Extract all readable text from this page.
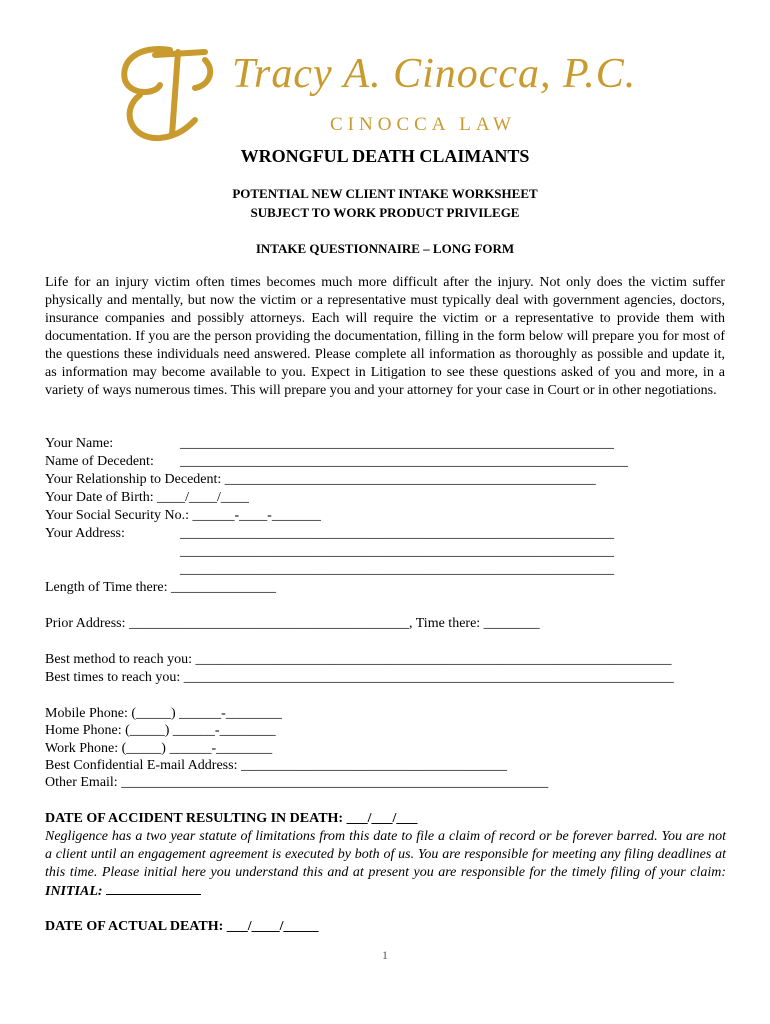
Tracy A. Cinocca, P.C.
CINOCCA LAW
WRONGFUL DEATH CLAIMANTS
POTENTIAL NEW CLIENT INTAKE WORKSHEET
SUBJECT TO WORK PRODUCT PRIVILEGE
INTAKE QUESTIONNAIRE – LONG FORM
Life for an injury victim often times becomes much more difficult after the injury. Not only does the victim suffer physically and mentally, but now the victim or a representative must typically deal with government agencies, doctors, insurance companies and possibly attorneys. Each will require the victim or a representative to provide them with documentation. If you are the person providing the documentation, filling in the form below will prepare you for most of the questions these individuals need answered. Please complete all information as thoroughly as possible and update it, as information may become available to you. Expect in Litigation to see these questions asked of you and more, in a variety of ways numerous times. This will prepare you and your attorney for your case in Court or in other negotiations.
Your Name:	______________________________________________________________
Name of Decedent: ________________________________________________________________
Your Relationship to Decedent: _____________________________________________________
Your Date of Birth: ____/____/____
Your Social Security No.: ______-____-_______
Your Address:	______________________________________________________________
______________________________________________________________
______________________________________________________________
Length of Time there: _______________
Prior Address: ________________________________________, Time there: ________
Best method to reach you: ____________________________________________________________________
Best times to reach you: ______________________________________________________________________
Mobile Phone: (_____) ______-________
Home Phone: (_____) ______-________
Work Phone: (_____) ______-________
Best Confidential E-mail Address: ______________________________________
Other Email: _____________________________________________________________
DATE OF ACCIDENT RESULTING IN DEATH: ___/___/___
Negligence has a two year statute of limitations from this date to file a claim of record or be forever barred. You are not a client until an engagement agreement is executed by both of us. You are responsible for meeting any filing deadlines at this time. Please initial here you understand this and at present you are responsible for the timely filing of your claim: INITIAL:
DATE OF ACTUAL DEATH: ___/____/_____
1
